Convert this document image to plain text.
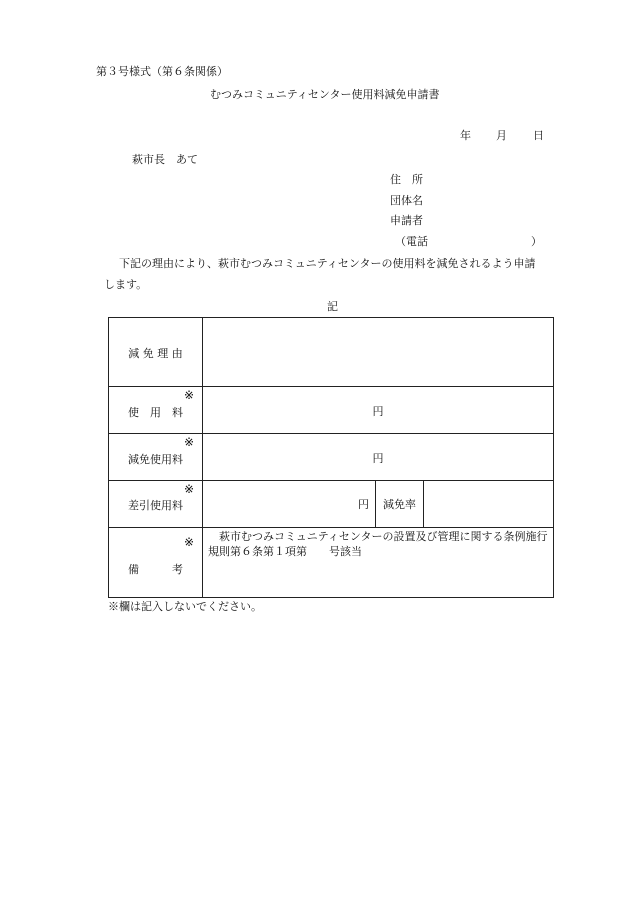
第３号様式（第６条関係）
むつみコミュニティセンター使用料減免申請書
年 月 日
萩市長　あて
住　所
団体名
申請者
（電話	）
下記の理由により、萩市むつみコミュニティセンターの使用料を減免されるよう申請
します。
記
減 免 理 由			

※
使　用　料	円		

※
減免使用料	円		

※
差引使用料	円	減免率	

※
備　　　考	萩市むつみコミュニティセンターの設置及び管理に関する条例施行規則第６条第１項第　　号該当		
※欄は記入しないでください。
